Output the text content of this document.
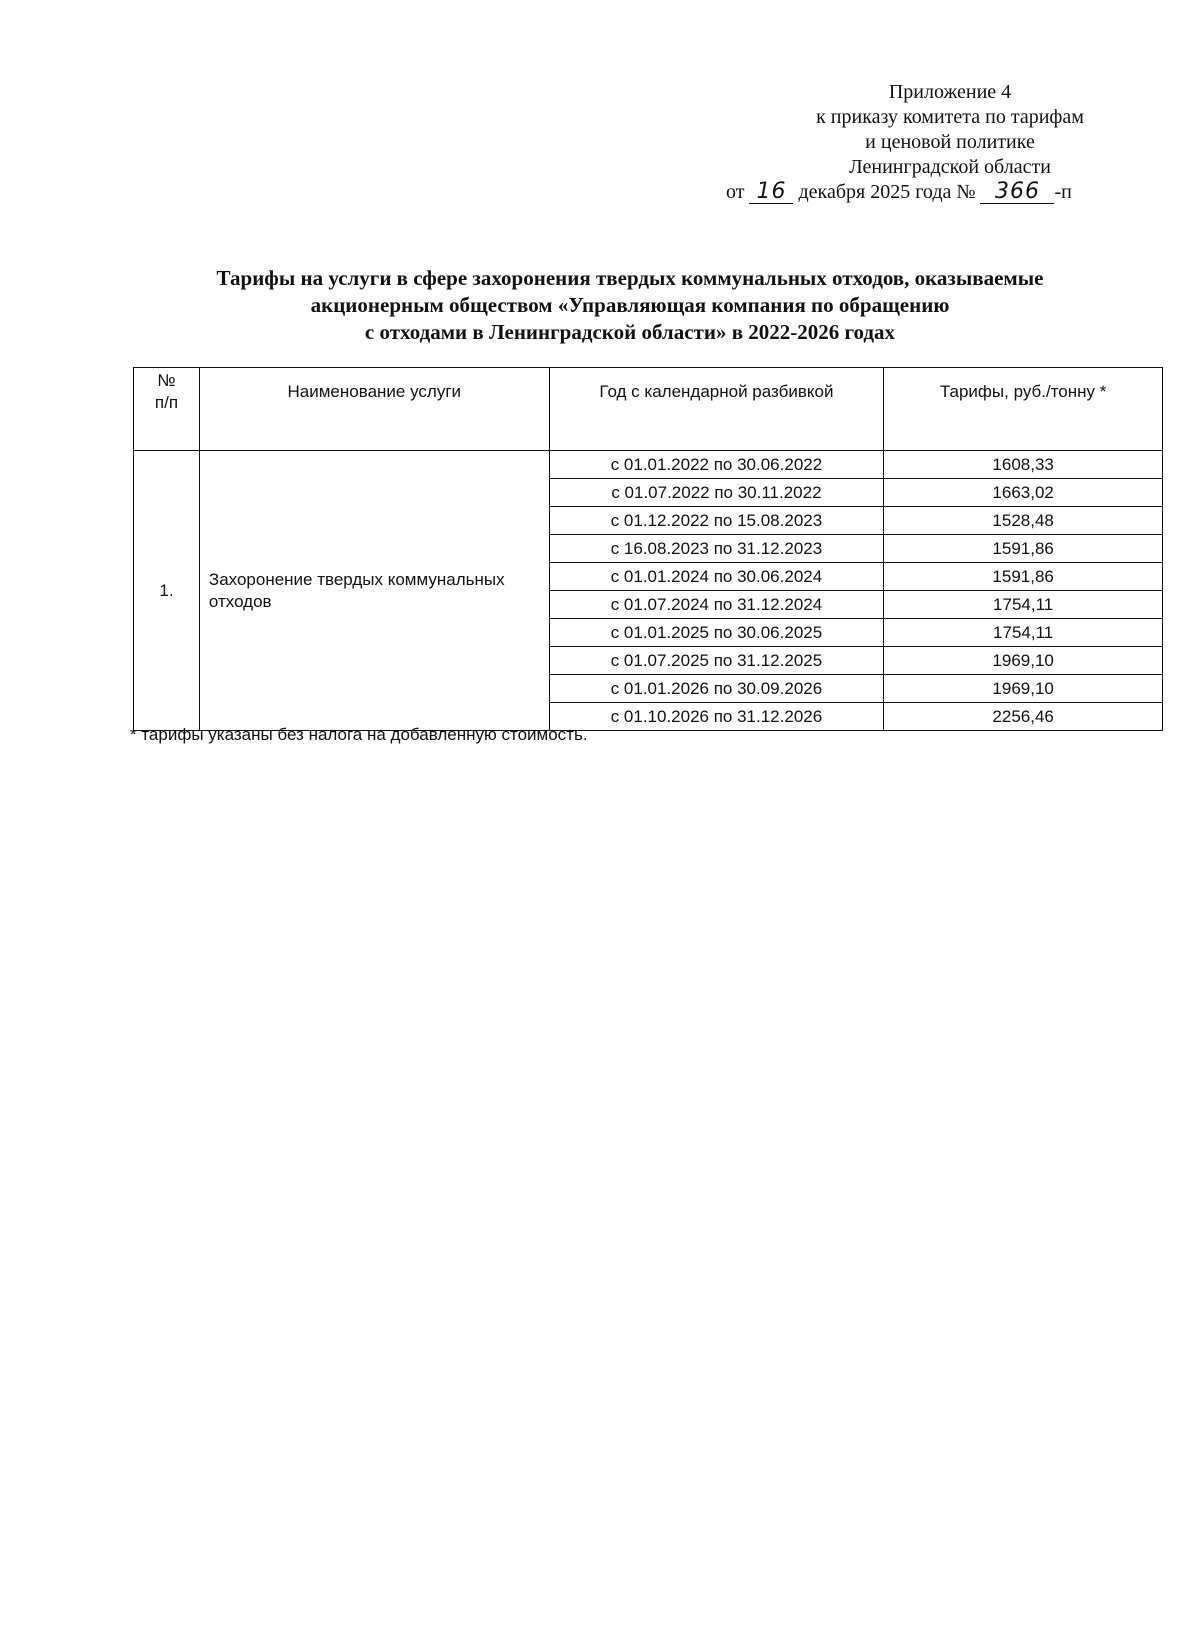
Приложение 4
к приказу комитета по тарифам
и ценовой политике
Ленинградской области
от 16 декабря 2025 года № 366 -п
Тарифы на услуги в сфере захоронения твердых коммунальных отходов, оказываемые
акционерным обществом «Управляющая компания по обращению
с отходами в Ленинградской области» в 2022-2026 годах
№
п/п	Наименование услуги	Год с календарной разбивкой	Тарифы, руб./тонну *
1.	Захоронение твердых коммунальных отходов	с 01.01.2022 по 30.06.2022	1608,33
		с 01.07.2022 по 30.11.2022	1663,02
		с 01.12.2022 по 15.08.2023	1528,48
		с 16.08.2023 по 31.12.2023	1591,86
		с 01.01.2024 по 30.06.2024	1591,86
		с 01.07.2024 по 31.12.2024	1754,11
		с 01.01.2025 по 30.06.2025	1754,11
		с 01.07.2025 по 31.12.2025	1969,10
		с 01.01.2026 по 30.09.2026	1969,10
		с 01.10.2026 по 31.12.2026	2256,46
* тарифы указаны без налога на добавленную стоимость.
